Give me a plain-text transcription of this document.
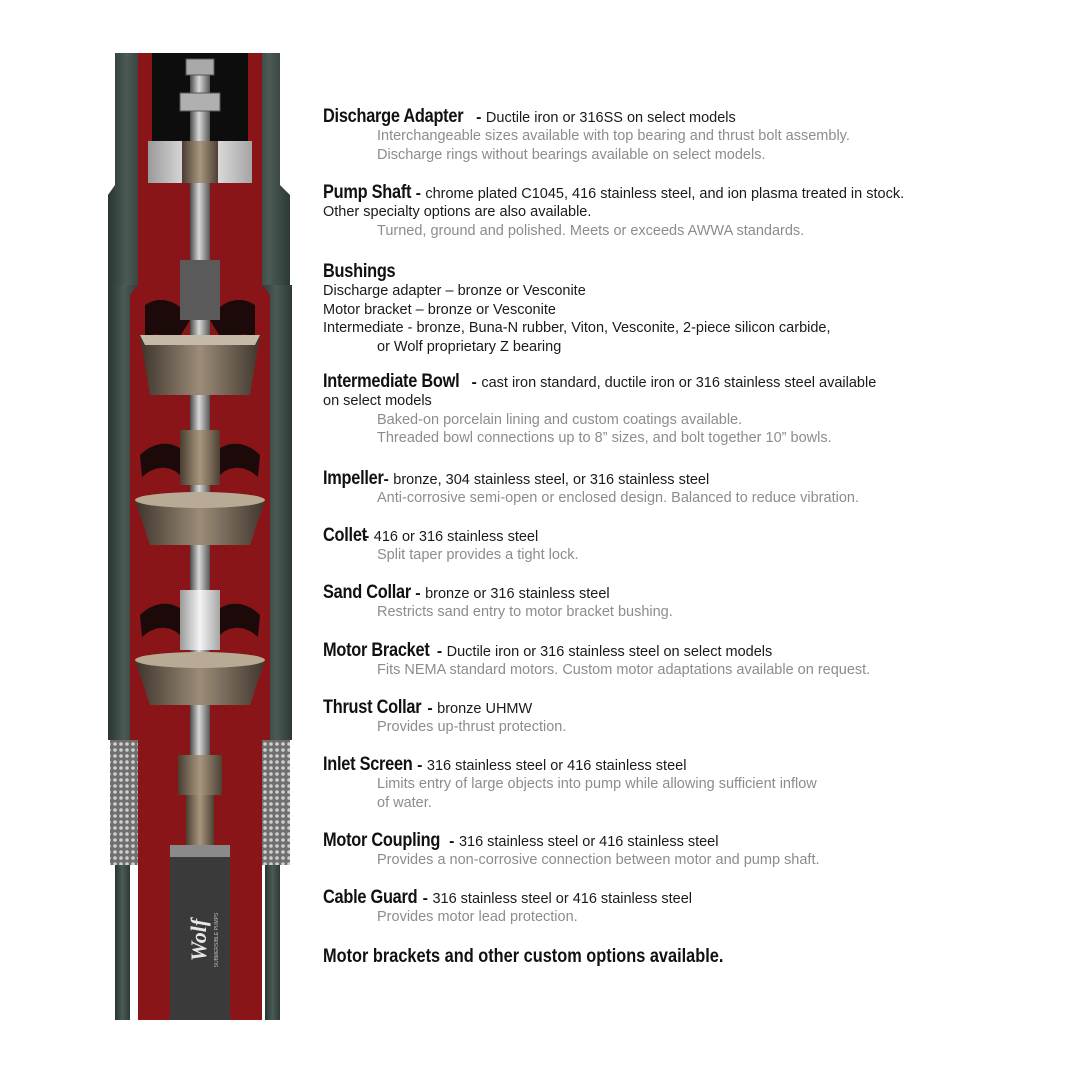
Wolf SUBMERSIBLE PUMPS
Discharge Adapter - Ductile iron or 316SS on select models
Interchangeable sizes available with top bearing and thrust bolt assembly.
Discharge rings without bearings available on select models.
Pump Shaft - chrome plated C1045, 416 stainless steel, and ion plasma treated in stock.
Other specialty options are also available.
Turned, ground and polished. Meets or exceeds AWWA standards.
Bushings
Discharge adapter – bronze or Vesconite
Motor bracket – bronze or Vesconite
Intermediate - bronze, Buna-N rubber, Viton, Vesconite, 2-piece silicon carbide,
or Wolf proprietary Z bearing
Intermediate Bowl - cast iron standard, ductile iron or 316 stainless steel available
on select models
Baked-on porcelain lining and custom coatings available.
Threaded bowl connections up to 8” sizes, and bolt together 10” bowls.
Impeller- bronze, 304 stainless steel, or 316 stainless steel
Anti-corrosive semi-open or enclosed design. Balanced to reduce vibration.
Collet- 416 or 316 stainless steel
Split taper provides a tight lock.
Sand Collar - bronze or 316 stainless steel
Restricts sand entry to motor bracket bushing.
Motor Bracket - Ductile iron or 316 stainless steel on select models
Fits NEMA standard motors. Custom motor adaptations available on request.
Thrust Collar - bronze UHMW
Provides up-thrust protection.
Inlet Screen - 316 stainless steel or 416 stainless steel
Limits entry of large objects into pump while allowing sufficient inflow
of water.
Motor Coupling - 316 stainless steel or 416 stainless steel
Provides a non-corrosive connection between motor and pump shaft.
Cable Guard - 316 stainless steel or 416 stainless steel
Provides motor lead protection.
Motor brackets and other custom options available.
